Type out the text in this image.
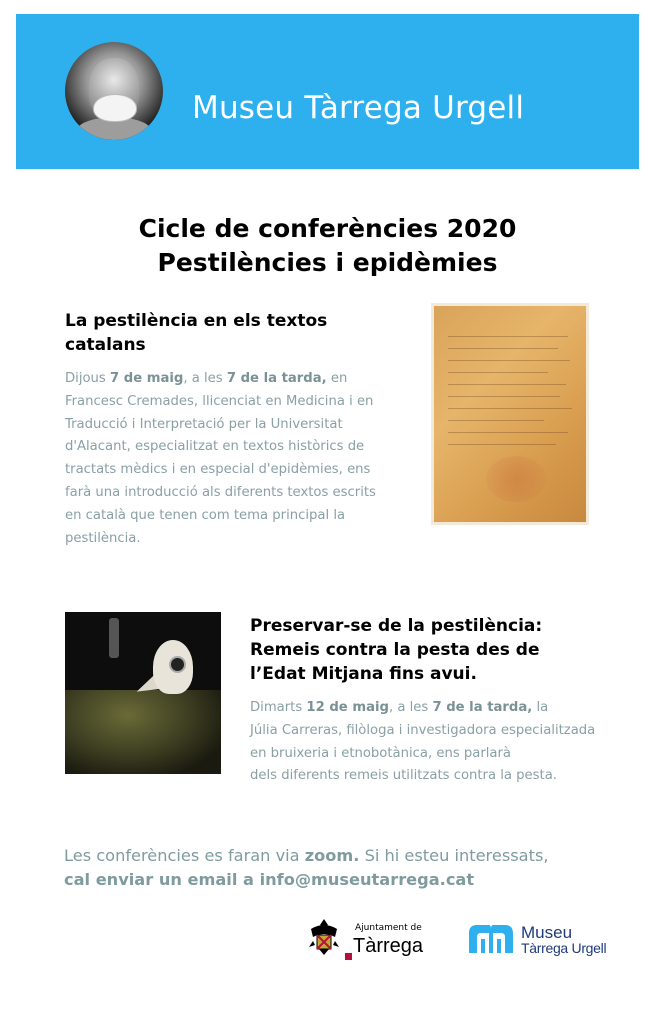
Museu Tàrrega Urgell
Cicle de conferències 2020
Pestilències i epidèmies
La pestilència en els textos
catalans
Dijous 7 de maig, a les 7 de la tarda, en
Francesc Cremades, llicenciat en Medicina i en
Traducció i Interpretació per la Universitat
d'Alacant, especialitzat en textos històrics de
tractats mèdics i en especial d'epidèmies, ens
farà una introducció als diferents textos escrits
en català que tenen com tema principal la
pestilència.
Preservar-se de la pestilència:
Remeis contra la pesta des de
l’Edat Mitjana fins avui.
Dimarts 12 de maig, a les 7 de la tarda, la
Júlia Carreras, filòloga i investigadora especialitzada
en bruixeria i etnobotànica, ens parlarà
dels diferents remeis utilitzats contra la pesta.
Les conferències es faran via zoom. Si hi esteu interessats,
cal enviar un email a info@museutarrega.cat
Ajuntament de
Tàrrega
Museu
Tàrrega Urgell
